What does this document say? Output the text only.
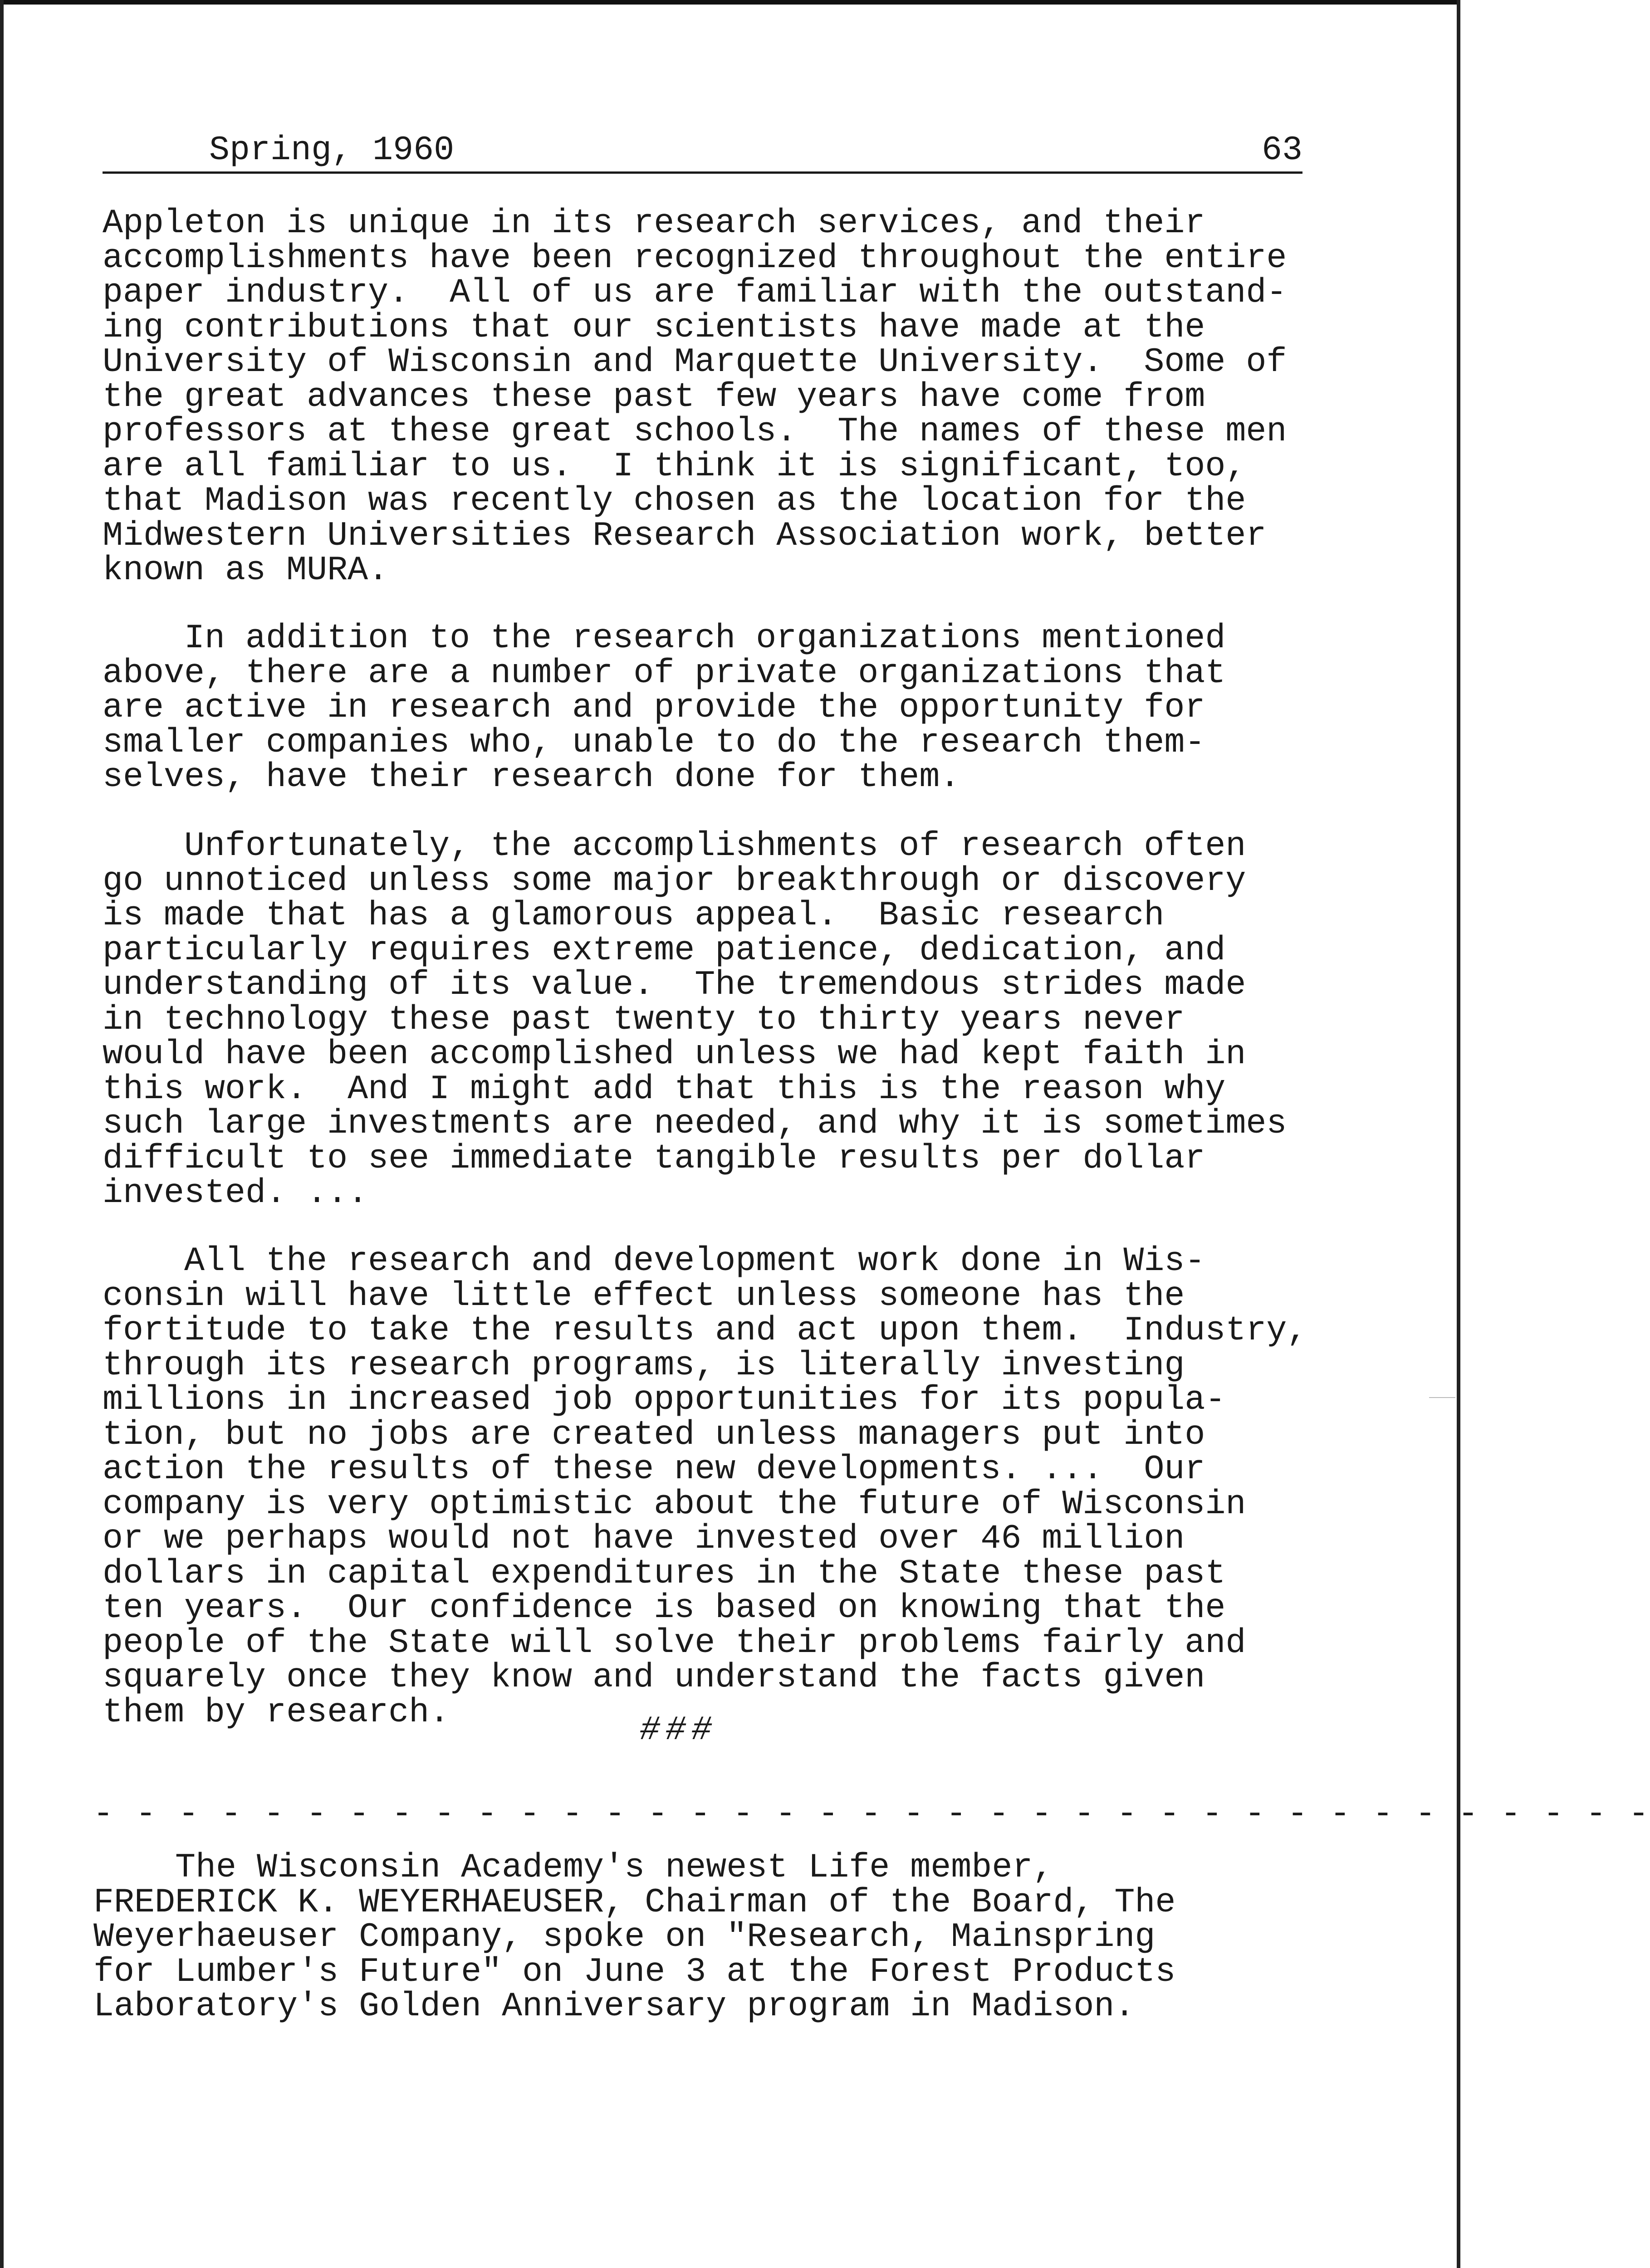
Spring, 1960	63

Appleton is unique in its research services, and their
accomplishments have been recognized throughout the entire
paper industry.  All of us are familiar with the outstand-
ing contributions that our scientists have made at the
University of Wisconsin and Marquette University.  Some of
the great advances these past few years have come from
professors at these great schools.  The names of these men
are all familiar to us.  I think it is significant, too,
that Madison was recently chosen as the location for the
Midwestern Universities Research Association work, better
known as MURA.

In addition to the research organizations mentioned
above, there are a number of private organizations that
are active in research and provide the opportunity for
smaller companies who, unable to do the research them-
selves, have their research done for them.

Unfortunately, the accomplishments of research often
go unnoticed unless some major breakthrough or discovery
is made that has a glamorous appeal.  Basic research
particularly requires extreme patience, dedication, and
understanding of its value.  The tremendous strides made
in technology these past twenty to thirty years never
would have been accomplished unless we had kept faith in
this work.  And I might add that this is the reason why
such large investments are needed, and why it is sometimes
difficult to see immediate tangible results per dollar
invested. ...

All the research and development work done in Wis-
consin will have little effect unless someone has the
fortitude to take the results and act upon them.  Industry,
through its research programs, is literally investing
millions in increased job opportunities for its popula-
tion, but no jobs are created unless managers put into
action the results of these new developments. ...  Our
company is very optimistic about the future of Wisconsin
or we perhaps would not have invested over 46 million
dollars in capital expenditures in the State these past
ten years.  Our confidence is based on knowing that the
people of the State will solve their problems fairly and
squarely once they know and understand the facts given
them by research.	###
- - - - - - - - - - - - - - - - - - - - - - - - - - - - - - - - - - - - -

The Wisconsin Academy's newest Life member,
FREDERICK K. WEYERHAEUSER, Chairman of the Board, The
Weyerhaeuser Company, spoke on "Research, Mainspring
for Lumber's Future" on June 3 at the Forest Products
Laboratory's Golden Anniversary program in Madison.
